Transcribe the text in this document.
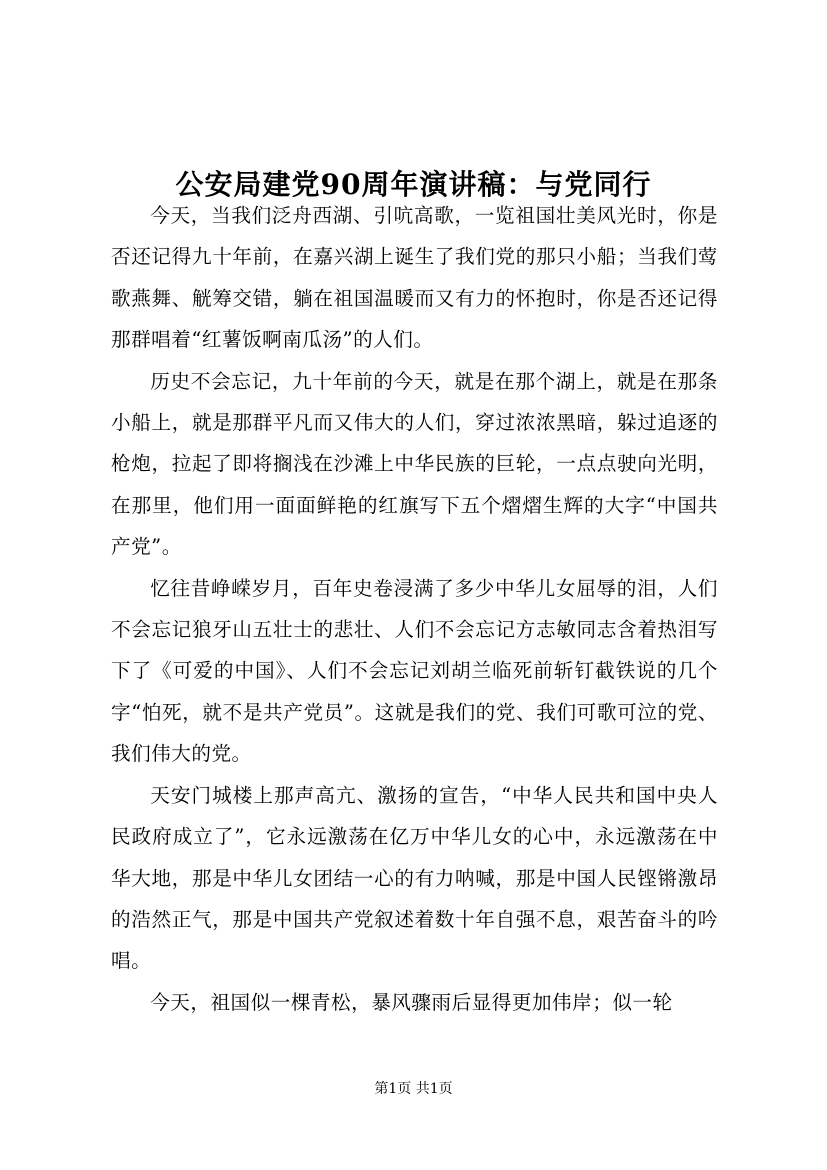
公安局建党90周年演讲稿：与党同行

今天，当我们泛舟西湖、引吭高歌，一览祖国壮美风光时，你是否还记得九十年前，在嘉兴湖上诞生了我们党的那只小船；当我们莺歌燕舞、觥筹交错，躺在祖国温暖而又有力的怀抱时，你是否还记得那群唱着“红薯饭啊南瓜汤”的人们。

历史不会忘记，九十年前的今天，就是在那个湖上，就是在那条小船上，就是那群平凡而又伟大的人们，穿过浓浓黑暗，躲过追逐的枪炮，拉起了即将搁浅在沙滩上中华民族的巨轮，一点点驶向光明，在那里，他们用一面面鲜艳的红旗写下五个熠熠生辉的大字“中国共产党”。

忆往昔峥嵘岁月，百年史卷浸满了多少中华儿女屈辱的泪，人们不会忘记狼牙山五壮士的悲壮、人们不会忘记方志敏同志含着热泪写下了《可爱的中国》、人们不会忘记刘胡兰临死前斩钉截铁说的几个字“怕死，就不是共产党员”。这就是我们的党、我们可歌可泣的党、我们伟大的党。

天安门城楼上那声高亢、激扬的宣告，“中华人民共和国中央人民政府成立了”，它永远激荡在亿万中华儿女的心中，永远激荡在中华大地，那是中华儿女团结一心的有力呐喊，那是中国人民铿锵激昂的浩然正气，那是中国共产党叙述着数十年自强不息，艰苦奋斗的吟唱。

今天，祖国似一棵青松，暴风骤雨后显得更加伟岸；似一轮

第1页 共1页
